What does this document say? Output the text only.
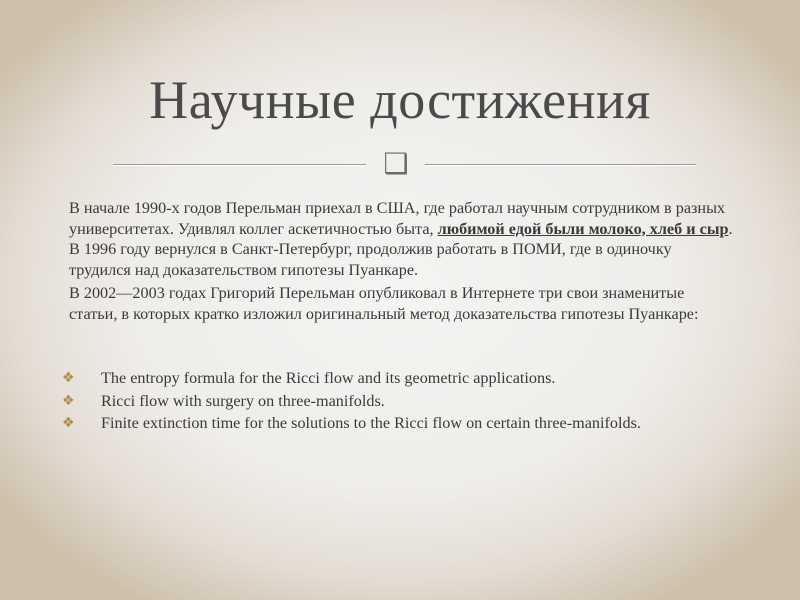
Научные достижения
❑

В начале 1990-х годов Перельман приехал в США, где работал научным сотрудником в разных университетах. Удивлял коллег аскетичностью быта, любимой едой были молоко, хлеб и сыр. В 1996 году вернулся в Санкт-Петербург, продолжив работать в ПОМИ, где в одиночку трудился над доказательством гипотезы Пуанкаре.

В 2002—2003 годах Григорий Перельман опубликовал в Интернете три свои знаменитые статьи, в которых кратко изложил оригинальный метод доказательства гипотезы Пуанкаре:

❖	The entropy formula for the Ricci flow and its geometric applications.
❖	Ricci flow with surgery on three-manifolds.
❖	Finite extinction time for the solutions to the Ricci flow on certain three-manifolds.
